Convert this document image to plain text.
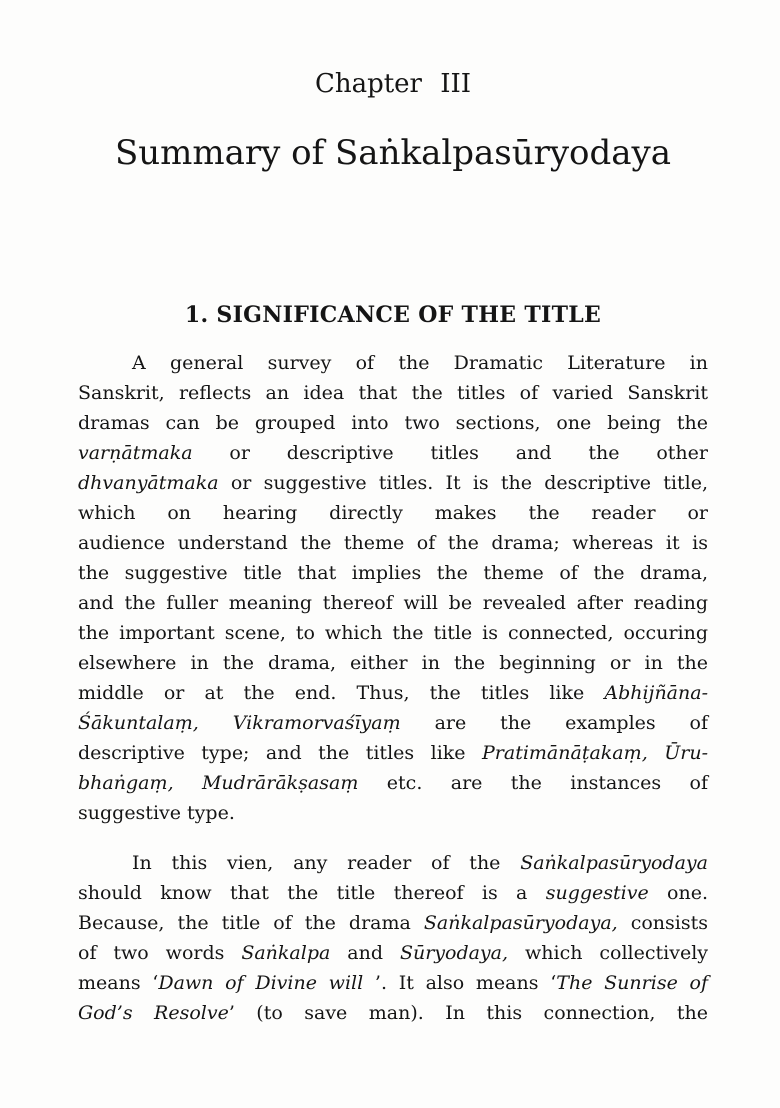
Chapter III
Summary of Saṅkalpasūryodaya
1. SIGNIFICANCE OF THE TITLE
A general survey of the Dramatic Literature in
Sanskrit, reflects an idea that the titles of varied Sanskrit
dramas can be grouped into two sections, one being the
varṇātmaka or descriptive titles and the other
dhvanyātmaka or suggestive titles. It is the descriptive title,
which on hearing directly makes the reader or
audience understand the theme of the drama; whereas it is
the suggestive title that implies the theme of the drama,
and the fuller meaning thereof will be revealed after reading
the important scene, to which the title is connected, occuring
elsewhere in the drama, either in the beginning or in the
middle or at the end. Thus, the titles like Abhijñāna-
Śākuntalaṃ, Vikramorvaśīyaṃ are the examples of
descriptive type; and the titles like Pratimānāṭakaṃ, Ūru-
bhaṅgaṃ, Mudrārākṣasaṃ etc. are the instances of
suggestive type.
In this vien, any reader of the Saṅkalpasūryodaya
should know that the title thereof is a suggestive one.
Because, the title of the drama Saṅkalpasūryodaya, consists
of two words Saṅkalpa and Sūryodaya, which collectively
means ‘Dawn of Divine will ’. It also means ‘The Sunrise of
God’s Resolve’ (to save man). In this connection, the
